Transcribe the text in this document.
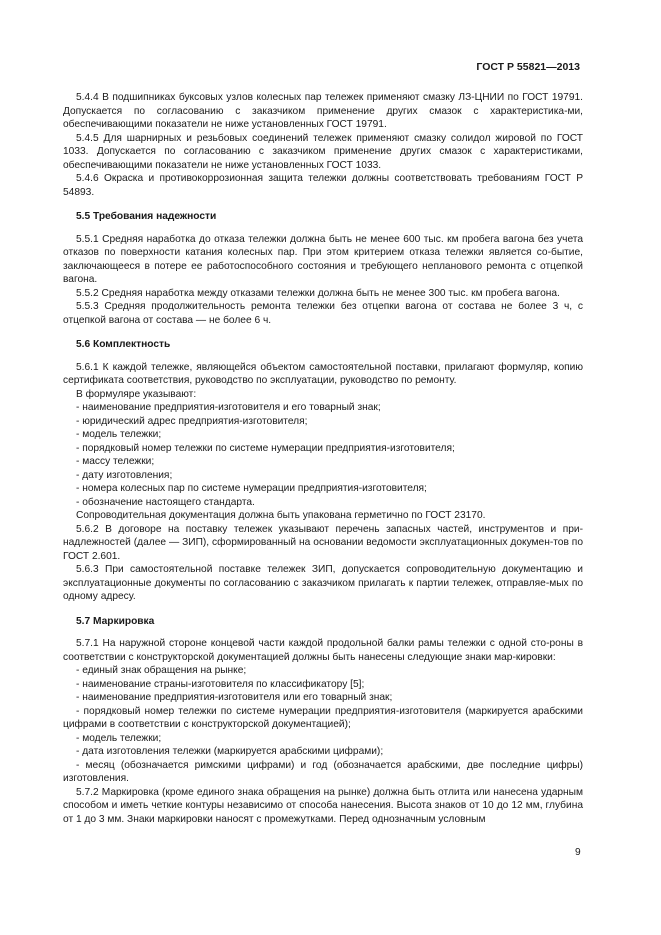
ГОСТ Р 55821—2013
5.4.4 В подшипниках буксовых узлов колесных пар тележек применяют смазку ЛЗ-ЦНИИ по ГОСТ 19791. Допускается по согласованию с заказчиком применение других смазок с характеристика-ми, обеспечивающими показатели не ниже установленных ГОСТ 19791.
5.4.5 Для шарнирных и резьбовых соединений тележек применяют смазку солидол жировой по ГОСТ 1033. Допускается по согласованию с заказчиком применение других смазок с характеристиками, обеспечивающими показатели не ниже установленных ГОСТ 1033.
5.4.6 Окраска и противокоррозионная защита тележки должны соответствовать требованиям ГОСТ Р 54893.
5.5 Требования надежности
5.5.1 Средняя наработка до отказа тележки должна быть не менее 600 тыс. км пробега вагона без учета отказов по поверхности катания колесных пар. При этом критерием отказа тележки является со-бытие, заключающееся в потере ее работоспособного состояния и требующего непланового ремонта с отцепкой вагона.
5.5.2 Средняя наработка между отказами тележки должна быть не менее 300 тыс. км пробега вагона.
5.5.3 Средняя продолжительность ремонта тележки без отцепки вагона от состава не более 3 ч, с отцепкой вагона от состава — не более 6 ч.
5.6 Комплектность
5.6.1 К каждой тележке, являющейся объектом самостоятельной поставки, прилагают формуляр, копию сертификата соответствия, руководство по эксплуатации, руководство по ремонту.
В формуляре указывают:
- наименование предприятия-изготовителя и его товарный знак;
- юридический адрес предприятия-изготовителя;
- модель тележки;
- порядковый номер тележки по системе нумерации предприятия-изготовителя;
- массу тележки;
- дату изготовления;
- номера колесных пар по системе нумерации предприятия-изготовителя;
- обозначение настоящего стандарта.
Сопроводительная документация должна быть упакована герметично по ГОСТ 23170.
5.6.2 В договоре на поставку тележек указывают перечень запасных частей, инструментов и при-надлежностей (далее — ЗИП), сформированный на основании ведомости эксплуатационных докумен-тов по ГОСТ 2.601.
5.6.3 При самостоятельной поставке тележек ЗИП, допускается сопроводительную документацию и эксплуатационные документы по согласованию с заказчиком прилагать к партии тележек, отправляе-мых по одному адресу.
5.7 Маркировка
5.7.1 На наружной стороне концевой части каждой продольной балки рамы тележки с одной сто-роны в соответствии с конструкторской документацией должны быть нанесены следующие знаки мар-кировки:
- единый знак обращения на рынке;
- наименование страны-изготовителя по классификатору [5];
- наименование предприятия-изготовителя или его товарный знак;
- порядковый номер тележки по системе нумерации предприятия-изготовителя (маркируется арабскими цифрами в соответствии с конструкторской документацией);
- модель тележки;
- дата изготовления тележки (маркируется арабскими цифрами);
- месяц (обозначается римскими цифрами) и год (обозначается арабскими, две последние цифры) изготовления.
5.7.2 Маркировка (кроме единого знака обращения на рынке) должна быть отлита или нанесена ударным способом и иметь четкие контуры независимо от способа нанесения. Высота знаков от 10 до 12 мм, глубина от 1 до 3 мм. Знаки маркировки наносят с промежутками. Перед однозначным условным
9
